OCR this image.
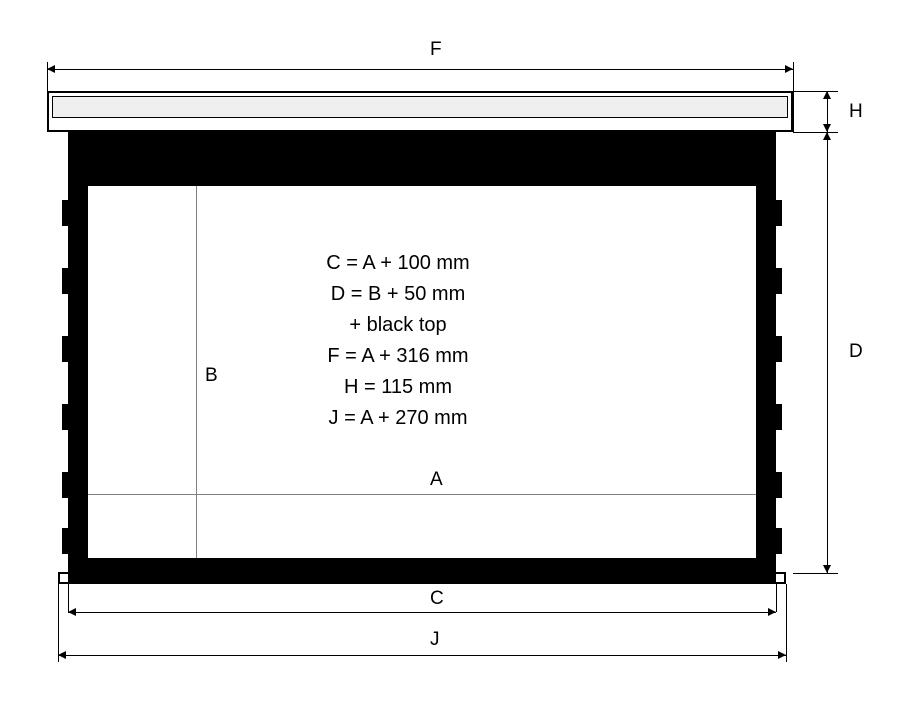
F
H
C = A + 100 mm
D = B + 50 mm
+ black top
F = A + 316 mm
H = 115 mm
J = A + 270 mm
B
A
D
C
J
